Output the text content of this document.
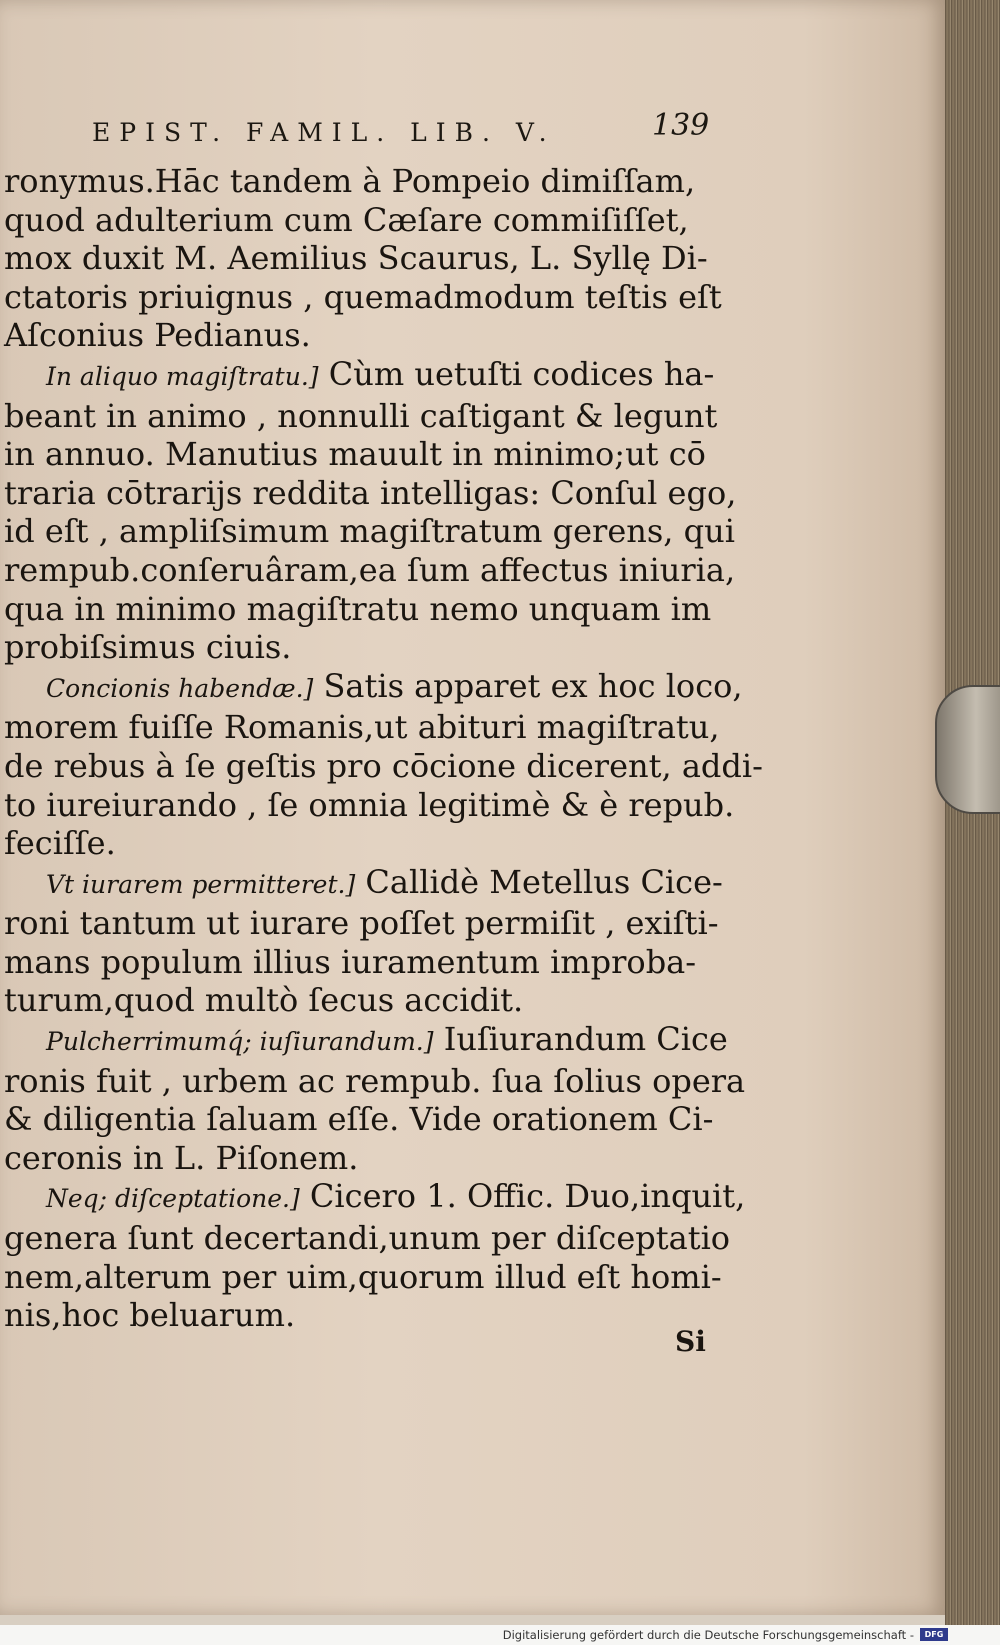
EPIST. FAMIL. LIB. V.	139
ronymus.Hāc tandem à Pompeio dimiſſam,
quod adulterium cum Cæſare commiſiſſet,
mox duxit M. Aemilius Scaurus, L. Syllę Di-
ctatoris priuignus , quemadmodum teſtis eſt
Aſconius Pedianus.
In aliquo magiſtratu.] Cùm uetuſti codices ha-
beant in animo , nonnulli caſtigant & legunt
in annuo. Manutius mauult in minimo;ut cō
traria cōtrarijs reddita intelligas: Conſul ego,
id eſt , ampliſsimum magiſtratum gerens, qui
rempub.conſeruâram,ea ſum affectus iniuria,
qua in minimo magiſtratu nemo unquam im
probiſsimus ciuis.
Concionis habendæ.] Satis apparet ex hoc loco,
morem fuiſſe Romanis,ut abituri magiſtratu,
de rebus à ſe geſtis pro cōcione dicerent, addi-
to iureiurando , ſe omnia legitimè & è repub.
feciſſe.
Vt iurarem permitteret.] Callidè Metellus Cice-
roni tantum ut iurare poſſet permiſit , exiſti-
mans populum illius iuramentum improba-
turum,quod multò ſecus accidit.
Pulcherrimumq́; iuſiurandum.] Iuſiurandum Cice
ronis fuit , urbem ac rempub. ſua ſolius opera
& diligentia ſaluam eſſe. Vide orationem Ci-
ceronis in L. Piſonem.
Neq; diſceptatione.] Cicero 1. Offic. Duo,inquit,
genera ſunt decertandi,unum per diſceptatio
nem,alterum per uim,quorum illud eſt homi-
nis,hoc beluarum.
Si
Digitalisierung gefördert durch die Deutsche Forschungsgemeinschaft -	DFG
